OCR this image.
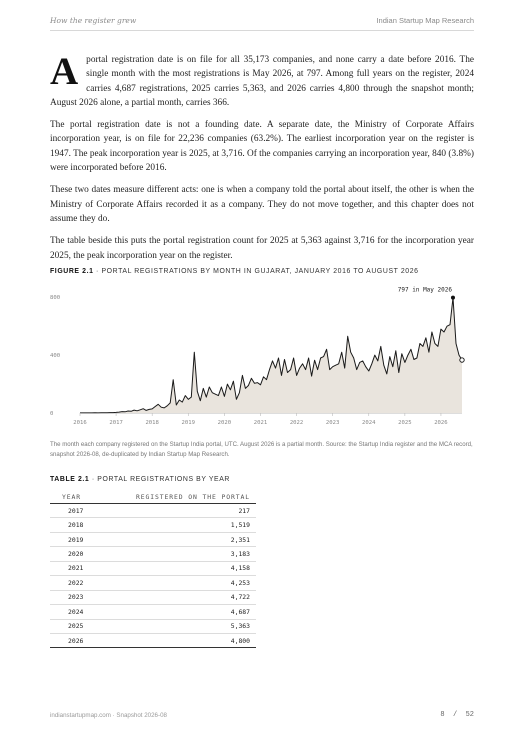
How the register grew	Indian Startup Map Research

Aportal registration date is on file for all 35,173 companies, and none carry a date before 2016. The single month with the most registrations is May 2026, at 797. Among full years on the register, 2024 carries 4,687 registrations, 2025 carries 5,363, and 2026 carries 4,800 through the snapshot month; August 2026 alone, a partial month, carries 366.

The portal registration date is not a founding date. A separate date, the Ministry of Corporate Affairs incorporation year, is on file for 22,236 companies (63.2%). The earliest incorporation year on the register is 1947. The peak incorporation year is 2025, at 3,716. Of the companies carrying an incorporation year, 840 (3.8%) were incorporated before 2016.

These two dates measure different acts: one is when a company told the portal about itself, the other is when the Ministry of Corporate Affairs recorded it as a company. They do not move together, and this chapter does not assume they do.

The table beside this puts the portal registration count for 2025 at 5,363 against 3,716 for the incorporation year 2025, the peak incorporation year on the register.

FIGURE 2.1 · PORTAL REGISTRATIONS BY MONTH IN GUJARAT, JANUARY 2016 TO AUGUST 2026
0
400
800
2016	2017	2018	2019	2020	2021	2022	2023	2024	2025	2026
797 in May 2026
The month each company registered on the Startup India portal, UTC. August 2026 is a partial month. Source: the Startup India register and the MCA record, snapshot 2026-08, de-duplicated by Indian Startup Map Research.
TABLE 2.1 · PORTAL REGISTRATIONS BY YEAR
YEAR	REGISTERED ON THE PORTAL
2017	217
2018	1,519
2019	2,351
2020	3,183
2021	4,158
2022	4,253
2023	4,722
2024	4,687
2025	5,363
2026	4,800
indianstartupmap.com · Snapshot 2026-08	8 / 52
